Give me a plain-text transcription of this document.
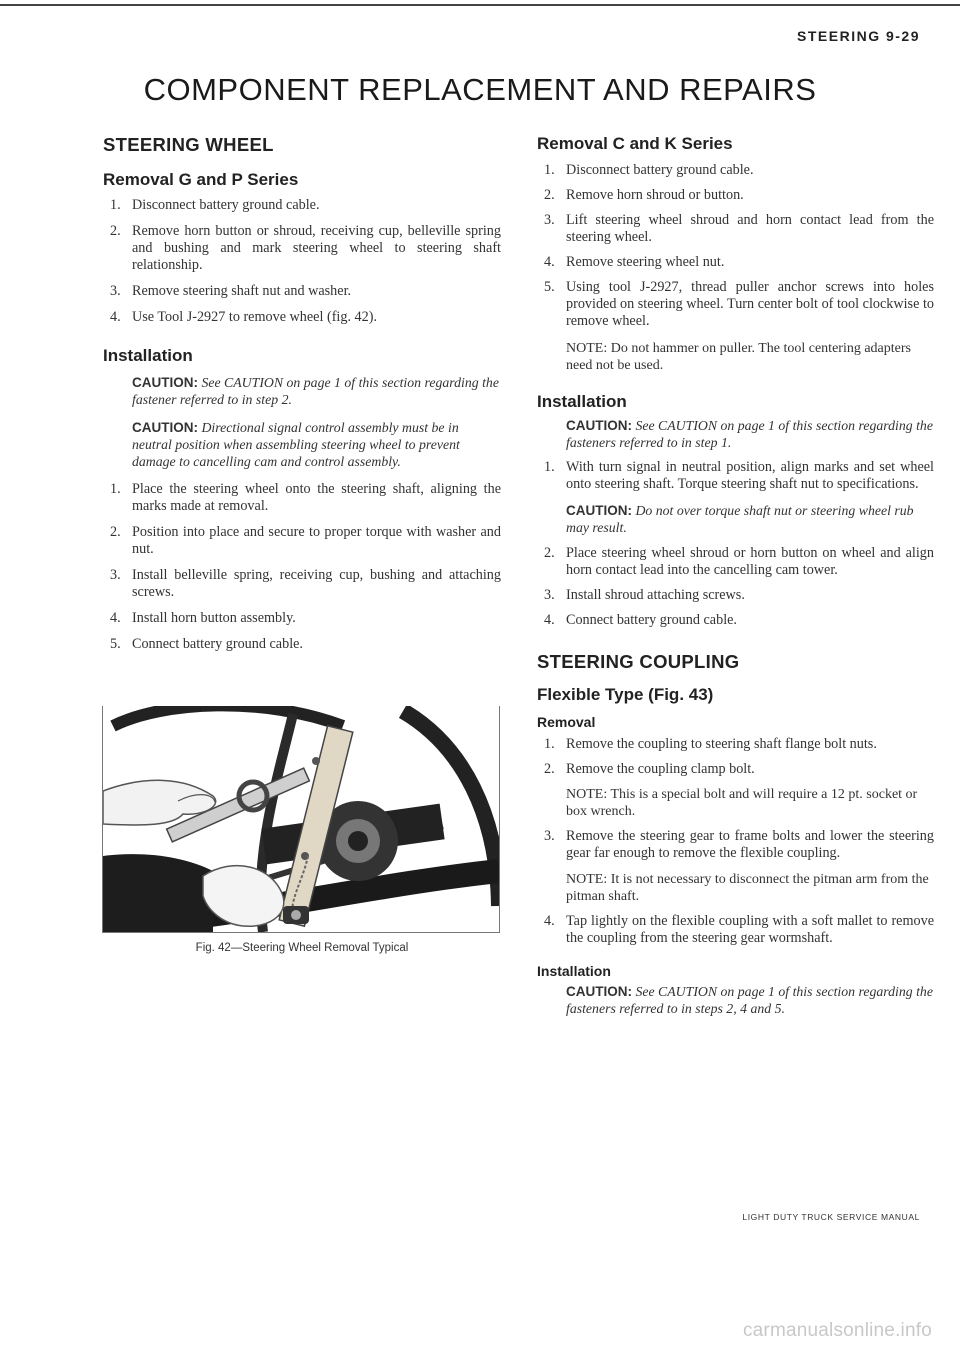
STEERING 9-29
COMPONENT REPLACEMENT AND REPAIRS
STEERING WHEEL
Removal G and P Series
1. Disconnect battery ground cable.
2. Remove horn button or shroud, receiving cup, belleville spring and bushing and mark steering wheel to steering shaft relationship.
3. Remove steering shaft nut and washer.
4. Use Tool J-2927 to remove wheel (fig. 42).
Installation
CAUTION: See CAUTION on page 1 of this section regarding the fastener referred to in step 2.
CAUTION: Directional signal control assembly must be in neutral position when assembling steering wheel to prevent damage to cancelling cam and control assembly.
1. Place the steering wheel onto the steering shaft, aligning the marks made at removal.
2. Position into place and secure to proper torque with washer and nut.
3. Install belleville spring, receiving cup, bushing and attaching screws.
4. Install horn button assembly.
5. Connect battery ground cable.
Fig. 42—Steering Wheel Removal Typical
Removal C and K Series
1. Disconnect battery ground cable.
2. Remove horn shroud or button.
3. Lift steering wheel shroud and horn contact lead from the steering wheel.
4. Remove steering wheel nut.
5. Using tool J-2927, thread puller anchor screws into holes provided on steering wheel. Turn center bolt of tool clockwise to remove wheel.
NOTE: Do not hammer on puller. The tool centering adapters need not be used.
Installation
CAUTION: See CAUTION on page 1 of this section regarding the fasteners referred to in step 1.
1. With turn signal in neutral position, align marks and set wheel onto steering shaft. Torque steering shaft nut to specifications.
CAUTION: Do not over torque shaft nut or steering wheel rub may result.
2. Place steering wheel shroud or horn button on wheel and align horn contact lead into the cancelling cam tower.
3. Install shroud attaching screws.
4. Connect battery ground cable.
STEERING COUPLING
Flexible Type (Fig. 43)
Removal
1. Remove the coupling to steering shaft flange bolt nuts.
2. Remove the coupling clamp bolt.
NOTE: This is a special bolt and will require a 12 pt. socket or box wrench.
3. Remove the steering gear to frame bolts and lower the steering gear far enough to remove the flexible coupling.
NOTE: It is not necessary to disconnect the pitman arm from the pitman shaft.
4. Tap lightly on the flexible coupling with a soft mallet to remove the coupling from the steering gear wormshaft.
Installation
CAUTION: See CAUTION on page 1 of this section regarding the fasteners referred to in steps 2, 4 and 5.
LIGHT DUTY TRUCK SERVICE MANUAL
carmanualsonline.info
